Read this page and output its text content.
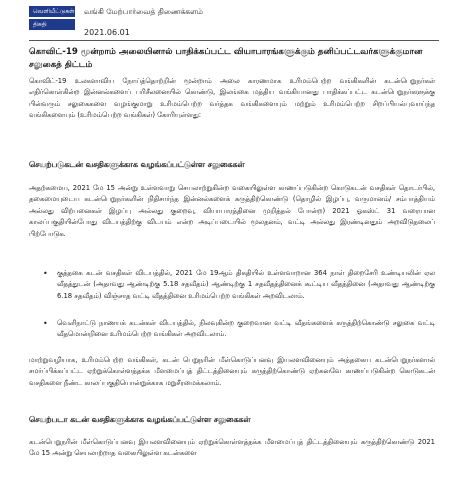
வெளியீட்டுகள்
திகதி
வங்கி மேற்பார்வைத் திணைக்களம்
2021.06.01
கொவிட்-19 மூன்றாம் அலையினால் பாதிக்கப்பட்ட வியாபாரங்களுக்கும் தனிப்பட்டவர்களுக்குமான சலுகைத் திட்டம்
கொவிட்-19 உலகளாவிய நோய்த்தொற்றின் மூன்றாம் அலை காரணமாக உரிமம்பெற்ற வங்கிகளின் கடன்பெறுநர்கள் எதிர்கொள்கின்ற இன்னல்களைப் பரிசீலனையில் கொண்டு, இலங்கை மத்திய வங்கியானது பாதிக்கப்பட்ட கடன்பெறுநர்களுக்கு பின்வரும் சலுகைகளை வழங்குமாறு உரிமம்பெற்ற வர்த்தக வங்கிகளையும் மற்றும் உரிமம்பெற்ற சிறப்பியல்புவாய்ந்த வங்கிகளையும் (உரிமம்பெற்ற வங்கிகள்) கோரியுள்ளது:
செயற்படுகடன் வசதிகளுக்காக வழங்கப்பட்டுள்ள சலுகைகள்
அதற்கமைய, 2021 மே 15 அன்று உள்ளவாறு செயலாற்றுகின்ற வகையிலுள்ள காணப்படுகின்ற கொடுகடன் வசதிகள் தொடர்பில், தகைமையுடைய கடன்பெறுநர்களின் நிதிசார்ந்த இன்னல்களைக் கருத்திற்கொண்டு (தொழில் இழப்பு, வருமானம்/ சம்பாத்தியம் அல்லது விற்பனைகள் இழப்பு அல்லது குறைவு, வியாபாரத்தினை முறித்தல் போன்ற) 2021 ஓகஸ்ட் 31 வரையான காலப்பகுதியின்போது விடயத்திற்கு விடயம் என்ற அடிப்படையில் மூலதனம், வட்டி அல்லது இரண்டினதும் அறவிடுதலைப் பிற்போடுக.
• குத்தகை கடன் வசதிகள் விடயத்தில், 2021 மே 19ஆம் திகதியில் உள்ளவாறான 364 நாள் திறைசேரி உண்டியலின் ஏல வீதத்துடன் (அதாவது ஆண்டிற்கு 5.18 சதவீதம்) ஆண்டிற்கு 1 சதவீதத்தினைக் கூட்டிய வீதத்தினை (அதாவது ஆண்டிற்கு 6.18 சதவீதம்) விஞ்சாத வட்டி வீதத்தினை உரிமம்பெற்ற வங்கிகள் அறவிடலாம்.
• வெளிநாட்டு நாணயக் கடன்கள் விடயத்தில், நிலவுகின்ற குறைவான வட்டி வீதங்களைக் கருத்திற்கொண்டு சலுகை வட்டி வீதமொன்றினை உரிமம்பெற்ற வங்கிகள் அறவிடலாம்.
மாற்றுவழியாக, உரிமம்பெற்ற வங்கிகள், கடன் பெறுநரின் மீள்கொடுப்பனவு இயலளவினையும் அத்தகைய கடன்பெறுநர்களால் சமர்ப்பிக்கப்பட்ட ஏற்றுக்கொள்ளத்தக்க மீளமைப்புத் திட்டத்தினையும் கருத்திற்கொண்டு ஏற்கனவே காணப்படுகின்ற கொடுகடன் வசதிகளை நீண்ட காலப்பகுதியொன்றுக்காக மறுசீரமைக்கலாம்.
செயற்படா கடன் வசதிகளுக்காக வழங்கப்பட்டுள்ள சலுகைகள்
கடன்பெறுநரின் மீள்கொடுப்பனவு இயலளவினையும் ஏற்றுக்கொள்ளத்தக்க மீளமைப்புத் திட்டத்தினையும் கருத்திற்கொண்டு 2021 மே 15 அன்று செயலாற்றாத வகையிலுள்ள கடன்களை
